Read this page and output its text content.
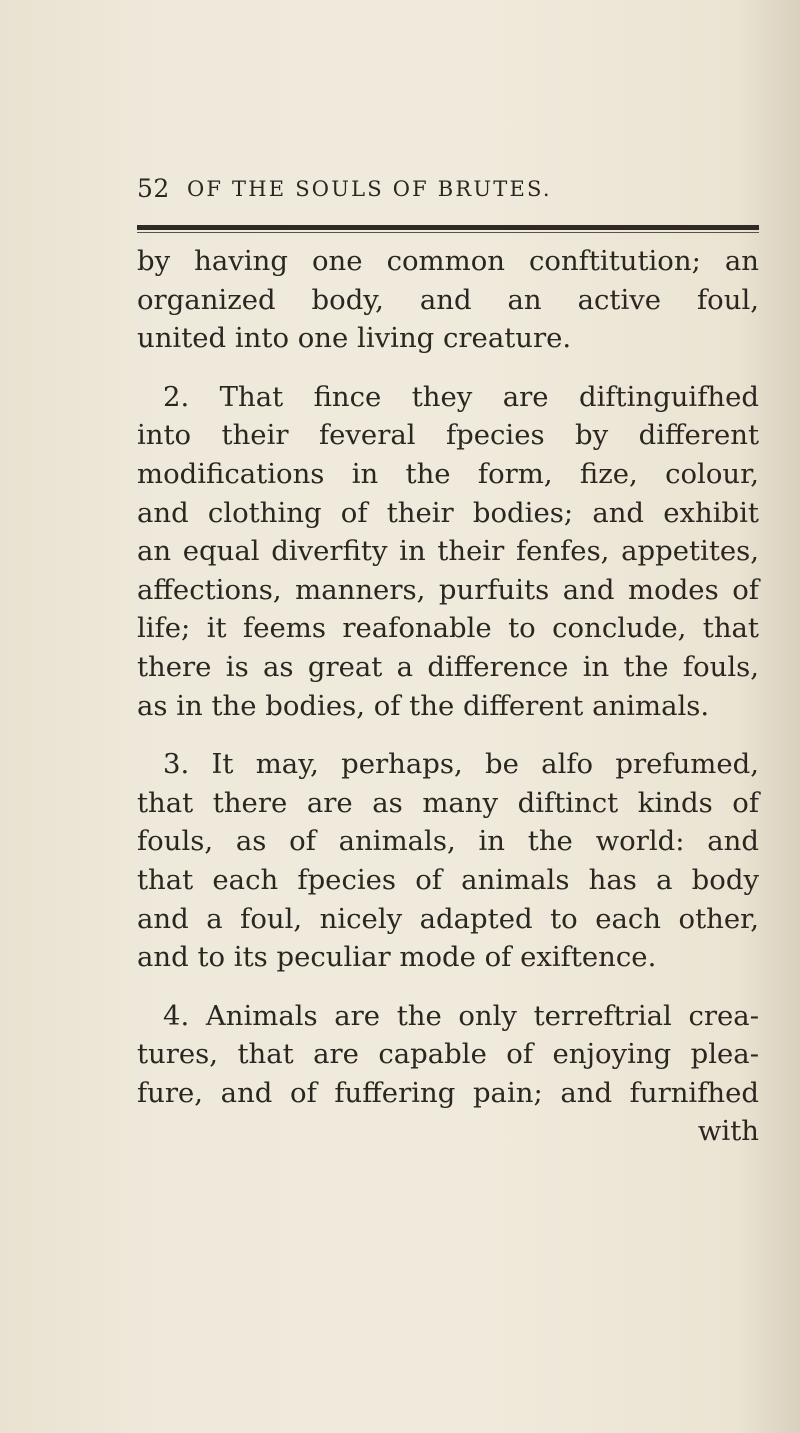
52 OF THE SOULS OF BRUTES.
by having one common conftitution; an
organized body, and an active foul,
united into one living creature.
2. That fince they are diftinguifhed
into their feveral fpecies by different
modifications in the form, fize, colour,
and clothing of their bodies; and exhibit
an equal diverfity in their fenfes, appetites,
affections, manners, purfuits and modes of
life; it feems reafonable to conclude, that
there is as great a difference in the fouls,
as in the bodies, of the different animals.
3. It may, perhaps, be alfo prefumed,
that there are as many diftinct kinds of
fouls, as of animals, in the world: and
that each fpecies of animals has a body
and a foul, nicely adapted to each other,
and to its peculiar mode of exiftence.
4. Animals are the only terreftrial crea-
tures, that are capable of enjoying plea-
fure, and of fuffering pain; and furnifhed
with
